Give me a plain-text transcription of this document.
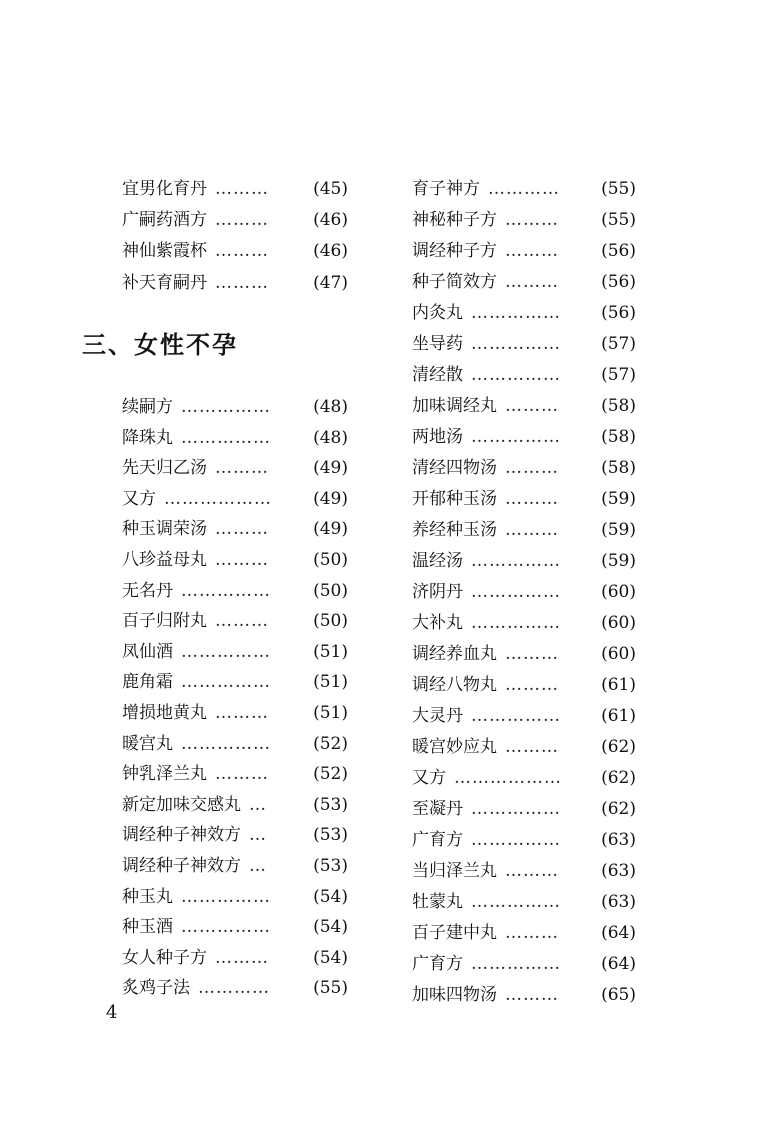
宜男化育丹 ………	(45)
广嗣药酒方 ………	(46)
神仙紫霞杯 ………	(46)
补天育嗣丹 ………	(47)
三、女性不孕
续嗣方 ……………	(48)
降珠丸 ……………	(48)
先天归乙汤 ………	(49)
又方 ………………	(49)
种玉调荣汤 ………	(49)
八珍益母丸 ………	(50)
无名丹 ……………	(50)
百子归附丸 ………	(50)
凤仙酒 ……………	(51)
鹿角霜 ……………	(51)
增损地黄丸 ………	(51)
暖宫丸 ……………	(52)
钟乳泽兰丸 ………	(52)
新定加味交感丸 …	(53)
调经种子神效方 …	(53)
调经种子神效方 …	(53)
种玉丸 ……………	(54)
种玉酒 ……………	(54)
女人种子方 ………	(54)
炙鸡子法 …………	(55)
育子神方 …………	(55)
神秘种子方 ………	(55)
调经种子方 ………	(56)
种子简效方 ………	(56)
内灸丸 ……………	(56)
坐导药 ……………	(57)
清经散 ……………	(57)
加味调经丸 ………	(58)
两地汤 ……………	(58)
清经四物汤 ………	(58)
开郁种玉汤 ………	(59)
养经种玉汤 ………	(59)
温经汤 ……………	(59)
济阴丹 ……………	(60)
大补丸 ……………	(60)
调经养血丸 ………	(60)
调经八物丸 ………	(61)
大灵丹 ……………	(61)
暖宫妙应丸 ………	(62)
又方 ………………	(62)
至凝丹 ……………	(62)
广育方 ……………	(63)
当归泽兰丸 ………	(63)
牡蒙丸 ……………	(63)
百子建中丸 ………	(64)
广育方 ……………	(64)
加味四物汤 ………	(65)
4
